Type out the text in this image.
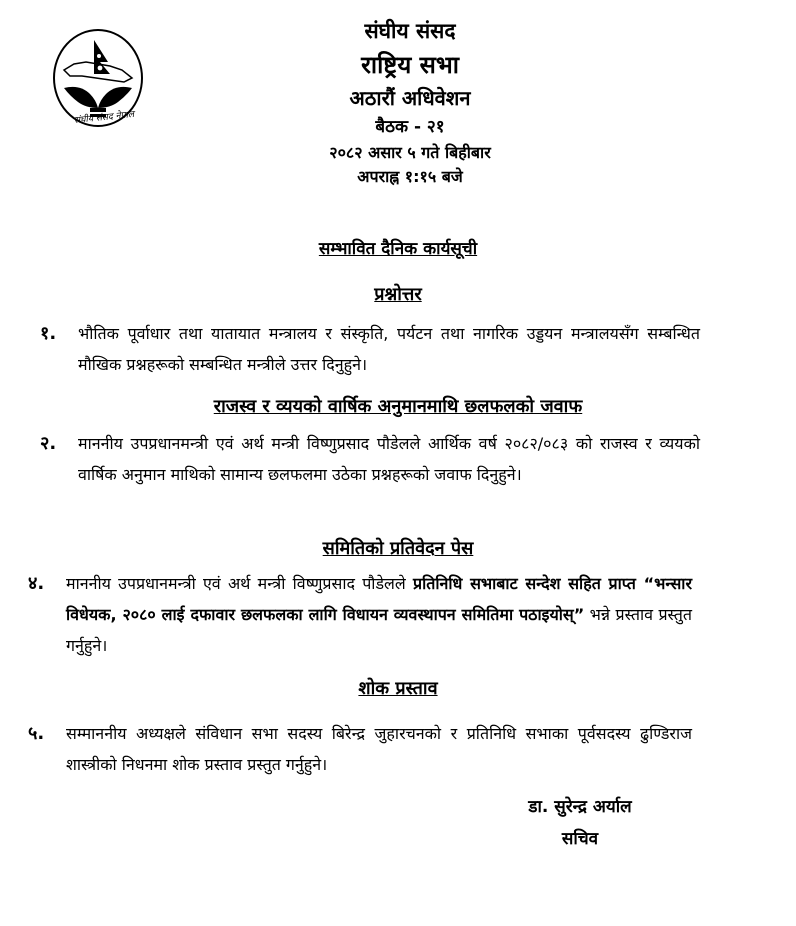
संघीय संसद नेपाल
संघीय संसद
राष्ट्रिय सभा
अठारौं अधिवेशन
बैठक - २१
२०८२ असार ५ गते बिहीबार
अपराह्न १:१५ बजे
सम्भावित दैनिक कार्यसूची
प्रश्नोत्तर
१. भौतिक पूर्वाधार तथा यातायात मन्त्रालय र संस्कृति, पर्यटन तथा नागरिक उड्डयन मन्त्रालयसँग सम्बन्धित मौखिक प्रश्नहरूको सम्बन्धित मन्त्रीले उत्तर दिनुहुने।
राजस्व र व्ययको वार्षिक अनुमानमाथि छलफलको जवाफ
२. माननीय उपप्रधानमन्त्री एवं अर्थ मन्त्री विष्णुप्रसाद पौडेलले आर्थिक वर्ष २०८२/०८३ को राजस्व र व्ययको वार्षिक अनुमान माथिको सामान्य छलफलमा उठेका प्रश्नहरूको जवाफ दिनुहुने।
समितिको प्रतिवेदन पेस
४. माननीय उपप्रधानमन्त्री एवं अर्थ मन्त्री विष्णुप्रसाद पौडेलले प्रतिनिधि सभाबाट सन्देश सहित प्राप्त “भन्सार विधेयक, २०८० लाई दफावार छलफलका लागि विधायन व्यवस्थापन समितिमा पठाइयोस्” भन्ने प्रस्ताव प्रस्तुत गर्नुहुने।
शोक प्रस्ताव
५. सम्माननीय अध्यक्षले संविधान सभा सदस्य बिरेन्द्र जुहारचनको र प्रतिनिधि सभाका पूर्वसदस्य ढुण्डिराज शास्त्रीको निधनमा शोक प्रस्ताव प्रस्तुत गर्नुहुने।
डा. सुरेन्द्र अर्याल
सचिव
